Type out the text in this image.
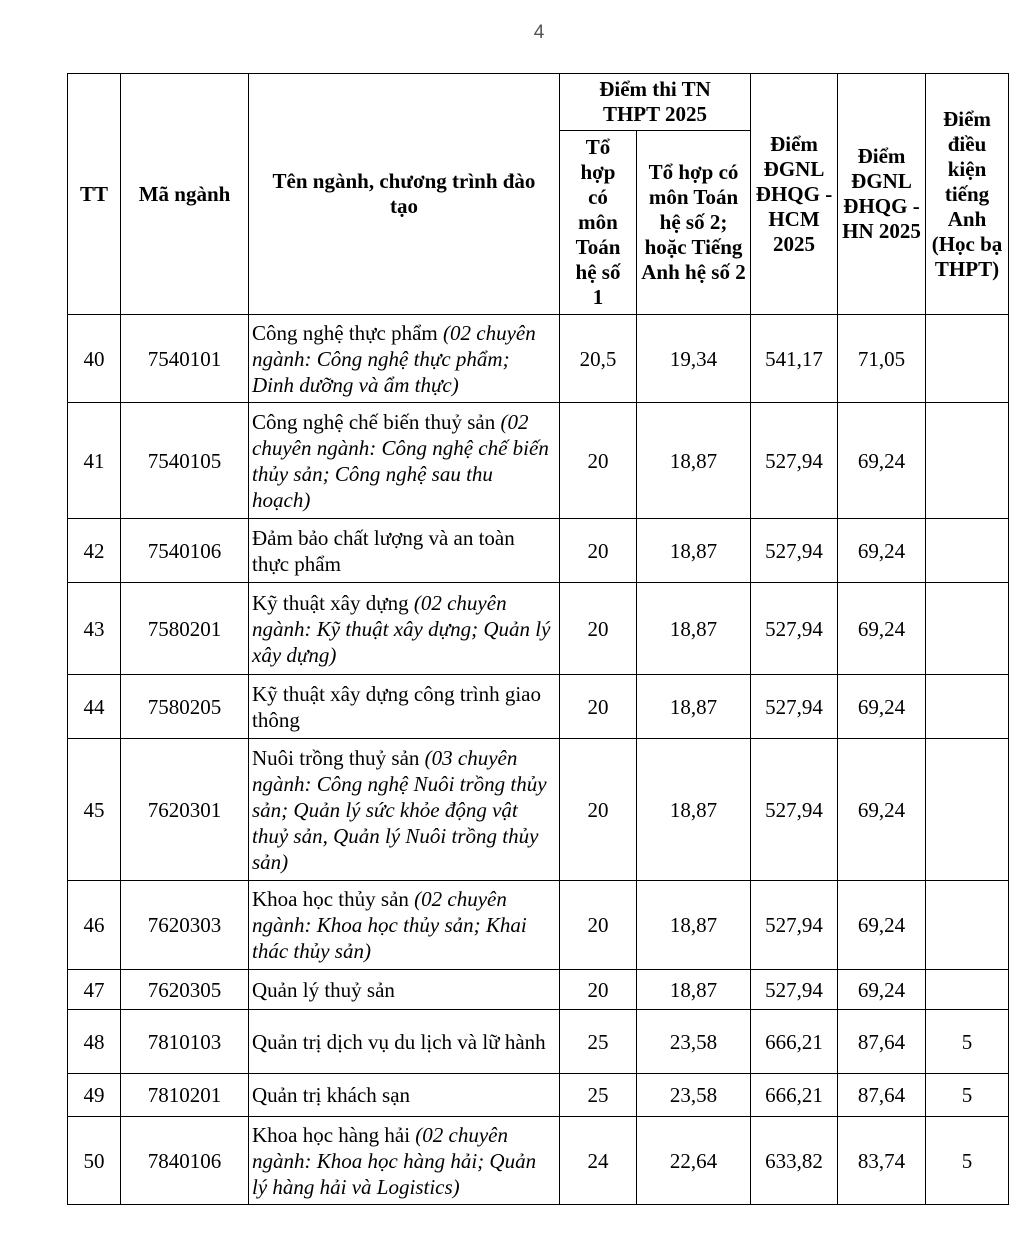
4
TT	Mã ngành	Tên ngành, chương trình đào tạo	Điểm thi TN THPT 2025		Điểm ĐGNL ĐHQG -HCM 2025	Điểm ĐGNL ĐHQG -HN 2025	Điểm điều kiện tiếng Anh (Học bạ THPT)
			Tổ hợp có môn Toán hệ số 1	Tổ hợp có môn Toán hệ số 2; hoặc Tiếng Anh hệ số 2			
40	7540101	Công nghệ thực phẩm (02 chuyên ngành: Công nghệ thực phẩm; Dinh dưỡng và ẩm thực)	20,5	19,34	541,17	71,05	
41	7540105	Công nghệ chế biến thuỷ sản (02 chuyên ngành: Công nghệ chế biến thủy sản; Công nghệ sau thu hoạch)	20	18,87	527,94	69,24	
42	7540106	Đảm bảo chất lượng và an toàn thực phẩm	20	18,87	527,94	69,24	
43	7580201	Kỹ thuật xây dựng (02 chuyên ngành: Kỹ thuật xây dựng; Quản lý xây dựng)	20	18,87	527,94	69,24	
44	7580205	Kỹ thuật xây dựng công trình giao thông	20	18,87	527,94	69,24	
45	7620301	Nuôi trồng thuỷ sản (03 chuyên ngành: Công nghệ Nuôi trồng thủy sản; Quản lý sức khỏe động vật thuỷ sản, Quản lý Nuôi trồng thủy sản)	20	18,87	527,94	69,24	
46	7620303	Khoa học thủy sản (02 chuyên ngành: Khoa học thủy sản; Khai thác thủy sản)	20	18,87	527,94	69,24	
47	7620305	Quản lý thuỷ sản	20	18,87	527,94	69,24	
48	7810103	Quản trị dịch vụ du lịch và lữ hành	25	23,58	666,21	87,64	5
49	7810201	Quản trị khách sạn	25	23,58	666,21	87,64	5
50	7840106	Khoa học hàng hải (02 chuyên ngành: Khoa học hàng hải; Quản lý hàng hải và Logistics)	24	22,64	633,82	83,74	5
